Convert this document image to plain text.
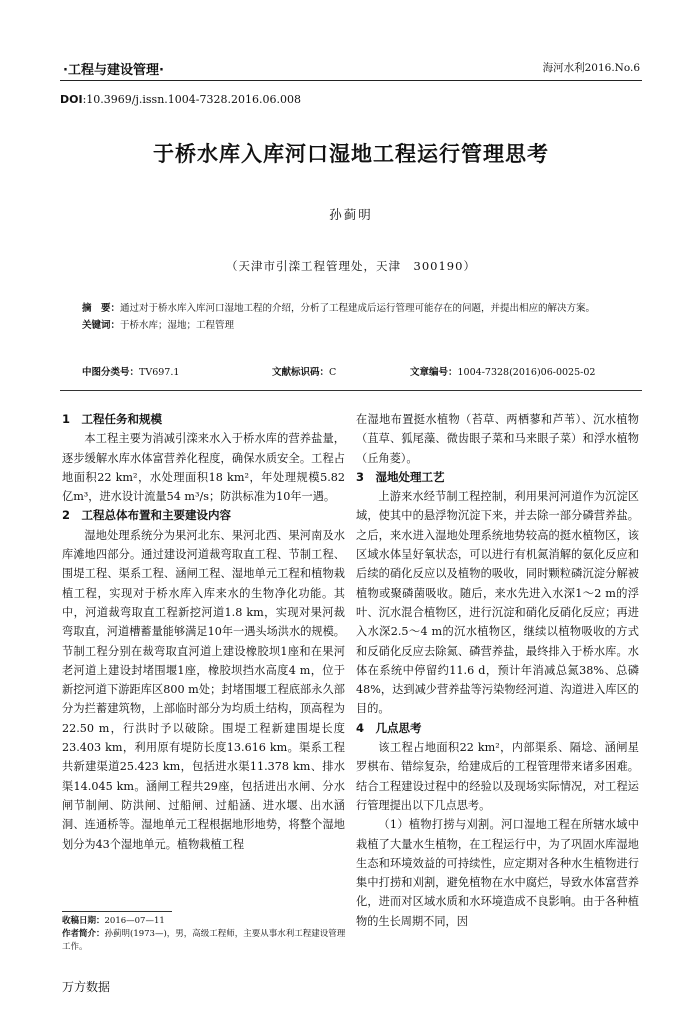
·工程与建设管理·	海河水利2016.No.6
DOI:10.3969/j.issn.1004-7328.2016.06.008
于桥水库入库河口湿地工程运行管理思考
孙蓟明
（天津市引滦工程管理处，天津　300190）
摘　要：通过对于桥水库入库河口湿地工程的介绍，分析了工程建成后运行管理可能存在的问题，并提出相应的解决方案。
关键词：于桥水库；湿地；工程管理
中图分类号：TV697.1	文献标识码：C	文章编号：1004-7328(2016)06-0025-02
1　工程任务和规模

本工程主要为消减引滦来水入于桥水库的营养盐量，逐步缓解水库水体富营养化程度，确保水质安全。工程占地面积22 km²，水处理面积18 km²，年处理规模5.82亿m³，进水设计流量54 m³/s；防洪标准为10年一遇。

2　工程总体布置和主要建设内容

湿地处理系统分为果河北东、果河北西、果河南及水库滩地四部分。通过建设河道裁弯取直工程、节制工程、围堤工程、渠系工程、涵闸工程、湿地单元工程和植物栽植工程，实现对于桥水库入库来水的生物净化功能。其中，河道裁弯取直工程新挖河道1.8 km，实现对果河裁弯取直，河道槽蓄量能够满足10年一遇头场洪水的规模。节制工程分别在裁弯取直河道上建设橡胶坝1座和在果河老河道上建设封堵围堰1座，橡胶坝挡水高度4 m，位于新挖河道下游距库区800 m处；封堵围堰工程底部永久部分为拦蓄建筑物，上部临时部分为均质土结构，顶高程为22.50 m，行洪时予以破除。围堤工程新建围堤长度23.403 km，利用原有堤防长度13.616 km。渠系工程共新建渠道25.423 km，包括进水渠11.378 km、排水渠14.045 km。涵闸工程共29座，包括进出水闸、分水闸节制闸、防洪闸、过船闸、过船涵、进水堰、出水涵洞、连通桥等。湿地单元工程根据地形地势，将整个湿地划分为43个湿地单元。植物栽植工程

在湿地布置挺水植物（苔草、两栖蓼和芦苇）、沉水植物（苴草、狐尾藻、微齿眼子菜和马来眼子菜）和浮水植物（丘角菱）。

3　湿地处理工艺

上游来水经节制工程控制，利用果河河道作为沉淀区域，使其中的悬浮物沉淀下来，并去除一部分磷营养盐。之后，来水进入湿地处理系统地势较高的挺水植物区，该区域水体呈好氧状态，可以进行有机氮消解的氨化反应和后续的硝化反应以及植物的吸收，同时颗粒磷沉淀分解被植物或聚磷菌吸收。随后，来水先进入水深1～2 m的浮叶、沉水混合植物区，进行沉淀和硝化反硝化反应；再进入水深2.5～4 m的沉水植物区，继续以植物吸收的方式和反硝化反应去除氮、磷营养盐，最终排入于桥水库。水体在系统中停留约11.6 d，预计年消减总氮38%、总磷48%，达到减少营养盐等污染物经河道、沟道进入库区的目的。

4　几点思考

该工程占地面积22 km²，内部渠系、隔埝、涵闸星罗棋布、错综复杂，给建成后的工程管理带来诸多困难。结合工程建设过程中的经验以及现场实际情况，对工程运行管理提出以下几点思考。

（1）植物打捞与刈割。河口湿地工程在所辖水域中栽植了大量水生植物，在工程运行中，为了巩固水库湿地生态和环境效益的可持续性，应定期对各种水生植物进行集中打捞和刈割，避免植物在水中腐烂，导致水体富营养化，进而对区域水质和水环境造成不良影响。由于各种植物的生长周期不同，因

收稿日期：2016—07—11
作者简介：孙蓟明(1973—)，男，高级工程师，主要从事水利工程建设管理工作。
万方数据
